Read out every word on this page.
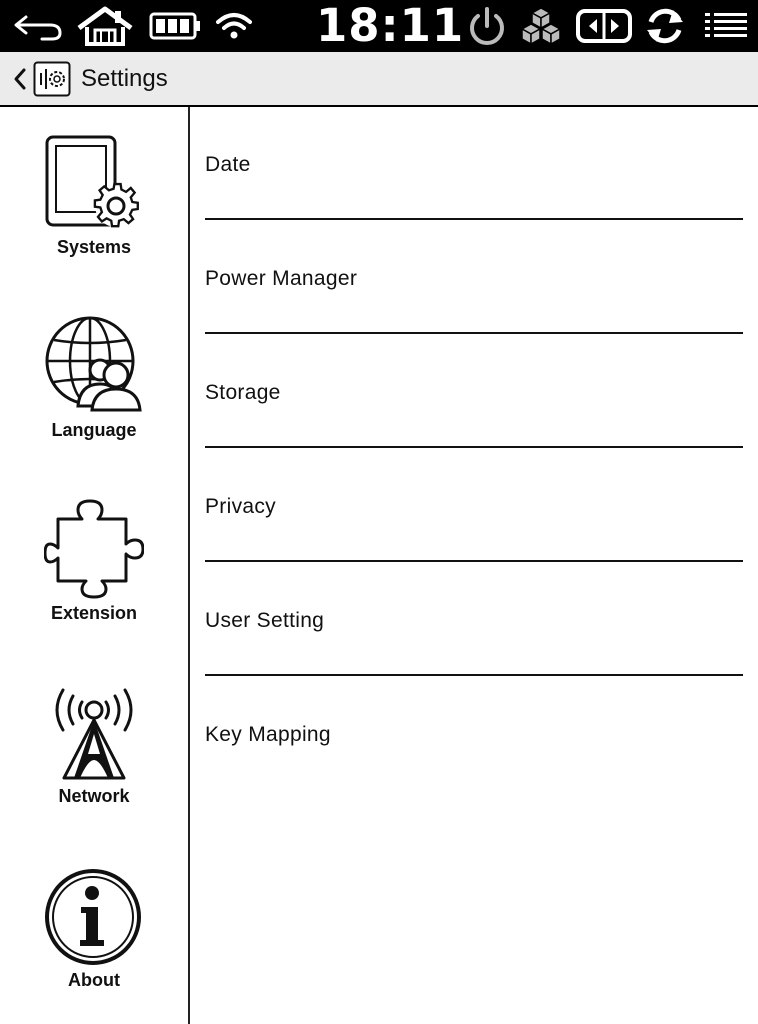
18:11
Settings
Systems
Language
Extension
Network
About
Date
Power Manager
Storage
Privacy
User Setting
Key Mapping
